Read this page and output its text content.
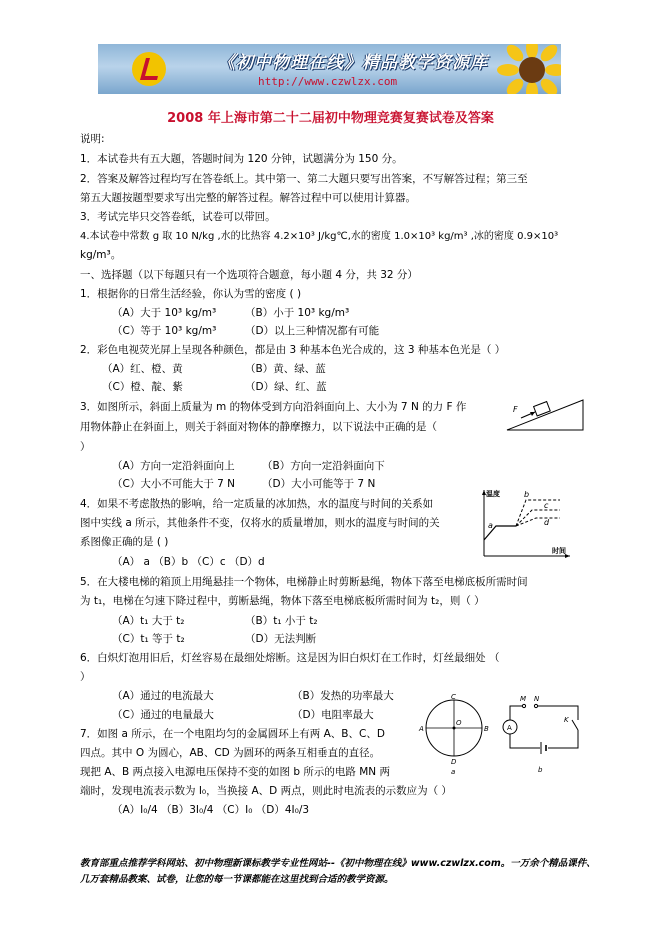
《初中物理在线》精品教学资源库
http://www.czwlzx.com
2008 年上海市第二十二届初中物理竞赛复赛试卷及答案
说明:
1．本试卷共有五大题，答题时间为 120 分钟，试题满分为 150 分。
2．答案及解答过程均写在答卷纸上。其中第一、第二大题只要写出答案，不写解答过程；第三至
第五大题按题型要求写出完整的解答过程。解答过程中可以使用计算器。
3．考试完毕只交答卷纸，试卷可以带回。
4.本试卷中常数 g 取 10 N/kg ,水的比热容 4.2×10³ J/kg℃,水的密度 1.0×10³ kg/m³ ,冰的密度 0.9×10³
kg/m³。
一、选择题（以下每题只有一个选项符合题意，每小题 4 分，共 32 分）
1．根据你的日常生活经验，你认为雪的密度 ( )
（A）大于 10³ kg/m³	（B）小于 10³ kg/m³
（C）等于 10³ kg/m³	（D）以上三种情况都有可能
2．彩色电视荧光屏上呈现各种颜色，都是由 3 种基本色光合成的，这 3 种基本色光是（ ）
（A）红、橙、黄	（B）黄、绿、蓝
（C）橙、靛、紫	（D）绿、红、蓝
3．如图所示，斜面上质量为 m 的物体受到方向沿斜面向上、大小为 7 N 的力 F 作
用物体静止在斜面上，则关于斜面对物体的静摩擦力，以下说法中正确的是（
）
（A）方向一定沿斜面向上	（B）方向一定沿斜面向下
（C）大小不可能大于 7 N	（D）大小可能等于 7 N
F
4．如果不考虑散热的影响，给一定质量的冰加热，水的温度与时间的关系如
图中实线 a 所示，其他条件不变，仅将水的质量增加，则水的温度与时间的关
系图像正确的是 ( )
（A） a （B）b （C）c （D）d
温度
时间
a
b
c
d
5．在大楼电梯的箱顶上用绳悬挂一个物体，电梯静止时剪断悬绳，物体下落至电梯底板所需时间
为 t₁，电梯在匀速下降过程中，剪断悬绳，物体下落至电梯底板所需时间为 t₂，则（ ）
（A）t₁ 大于 t₂	（B）t₁ 小于 t₂
（C）t₁ 等于 t₂	（D）无法判断
6．白炽灯泡用旧后，灯丝容易在最细处熔断。这是因为旧白炽灯在工作时，灯丝最细处 （
）
（A）通过的电流最大	（B）发热的功率最大
（C）通过的电量最大	（D）电阻率最大
7．如图 a 所示，在一个电阻均匀的金属圆环上有两 A、B、C、D
四点。其中 O 为圆心，AB、CD 为圆环的两条互相垂直的直径。
现把 A、B 两点接入电源电压保持不变的如图 b 所示的电路 MN 两
端时，发现电流表示数为 I₀，当换接 A、D 两点，则此时电流表的示数应为（ ）
（A）I₀/4 （B）3I₀/4 （C）I₀ （D）4I₀/3
C
D
A	B
O
a
M N
A
K
b
教育部重点推荐学科网站、初中物理新课标教学专业性网站--《初中物理在线》www.czwlzx.com。一万余个精品课件、几万套精品教案、试卷，让您的每一节课都能在这里找到合适的教学资源。
